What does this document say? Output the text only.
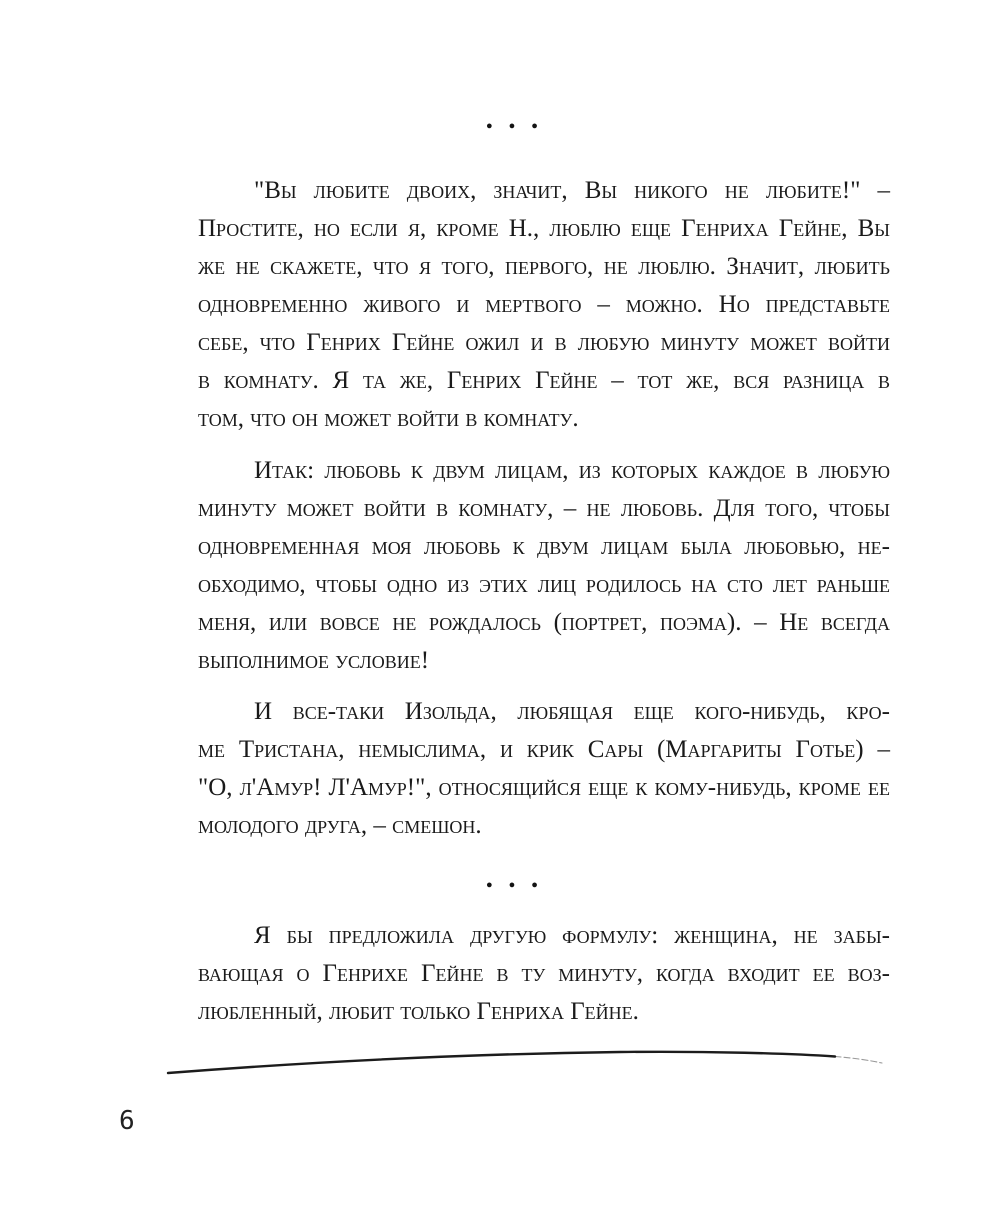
●●●
"Вы любите двоих, значит, Вы никого не любите!" –
Простите, но если я, кроме Н., люблю еще Генриха Гейне, Вы
же не скажете, что я того, первого, не люблю. Значит, любить
одновременно живого и мертвого – можно. Но представьте
себе, что Генрих Гейне ожил и в любую минуту может войти
в комнату. Я та же, Генрих Гейне – тот же, вся разница в
том, что он может войти в комнату.
Итак: любовь к двум лицам, из которых каждое в любую
минуту может войти в комнату, – не любовь. Для того, чтобы
одновременная моя любовь к двум лицам была любовью, не-
обходимо, чтобы одно из этих лиц родилось на сто лет раньше
меня, или вовсе не рождалось (портрет, поэма). – Не всегда
выполнимое условие!
И все-таки Изольда, любящая еще кого-нибудь, кро-
ме Тристана, немыслима, и крик Сары (Маргариты Готье) –
"О, л'Амур! Л'Амур!", относящийся еще к кому-нибудь, кроме ее
молодого друга, – смешон.
●●●
Я бы предложила другую формулу: женщина, не забы-
вающая о Генрихе Гейне в ту минуту, когда входит ее воз-
любленный, любит только Генриха Гейне.
6
